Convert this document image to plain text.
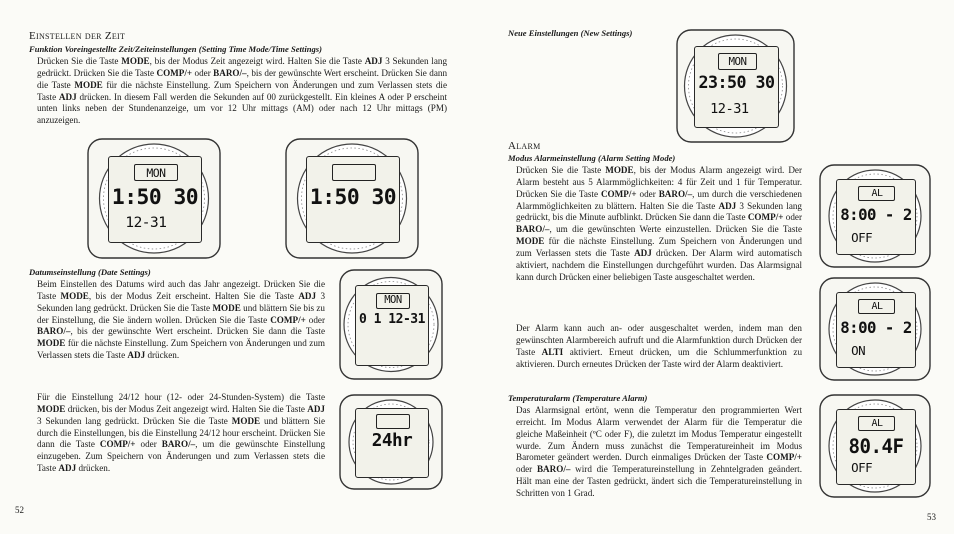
Einstellen der Zeit

Funktion Voreingestellte Zeit/Zeiteinstellungen (Setting Time Mode/Time Settings)

Drücken Sie die Taste MODE, bis der Modus Zeit angezeigt wird. Halten Sie die Taste ADJ 3 Sekunden lang gedrückt. Drücken Sie die Taste COMP/+ oder BARO/–, bis der gewünschte Wert erscheint. Drücken Sie dann die Taste MODE für die nächste Einstellung. Zum Speichern von Änderungen und zum Verlassen stets die Taste ADJ drücken. In diesem Fall werden die Sekunden auf 00 zurückgestellt. Ein kleines A oder P erscheint unten links neben der Stundenanzeige, um vor 12 Uhr mittags (AM) oder nach 12 Uhr mittags (PM) anzuzeigen.

MON
1:50 30
12-31
1:50 30

Datumseinstellung (Date Settings)

Beim Einstellen des Datums wird auch das Jahr angezeigt. Drücken Sie die Taste MODE, bis der Modus Zeit erscheint. Halten Sie die Taste ADJ 3 Sekunden lang gedrückt. Drücken Sie die Taste MODE und blättern Sie bis zu der Einstellung, die Sie ändern wollen. Drücken Sie die Taste COMP/+ oder BARO/–, bis der gewünschte Wert erscheint. Drücken Sie dann die Taste MODE für die nächste Einstellung. Zum Speichern von Änderungen und zum Verlassen stets die Taste ADJ drücken.

MON
0 1 12-31

Für die Einstellung 24/12 hour (12- oder 24-Stunden-System) die Taste MODE drücken, bis der Modus Zeit angezeigt wird. Halten Sie die Taste ADJ 3 Sekunden lang gedrückt. Drücken Sie die Taste MODE und blättern Sie durch die Einstellungen, bis die Einstellung 24/12 hour erscheint. Drücken Sie dann die Taste COMP/+ oder BARO/–, um die gewünschte Einstellung einzugeben. Zum Speichern von Änderungen und zum Verlassen stets die Taste ADJ drücken.

24hr
52

Neue Einstellungen (New Settings)

MON
23:50 30
12-31
Alarm

Modus Alarmeinstellung (Alarm Setting Mode)

Drücken Sie die Taste MODE, bis der Modus Alarm angezeigt wird. Der Alarm besteht aus 5 Alarmmöglichkeiten: 4 für Zeit und 1 für Temperatur. Drücken Sie die Taste COMP/+ oder BARO/–, um durch die verschiedenen Alarmmöglichkeiten zu blättern. Halten Sie die Taste ADJ 3 Sekunden lang gedrückt, bis die Minute aufblinkt. Drücken Sie dann die Taste COMP/+ oder BARO/–, um die gewünschten Werte einzustellen. Drücken Sie die Taste MODE für die nächste Einstellung. Zum Speichern von Änderungen und zum Verlassen stets die Taste ADJ drücken. Der Alarm wird automatisch aktiviert, nachdem die Einstellungen durchgeführt wurden. Das Alarmsignal kann durch Drücken einer beliebigen Taste ausgeschaltet werden.

Der Alarm kann auch an- oder ausgeschaltet werden, indem man den gewünschten Alarmbereich aufruft und die Alarmfunktion durch Drücken der Taste ALTI aktiviert. Erneut drücken, um die Schlummerfunktion zu aktivieren. Durch erneutes Drücken der Taste wird der Alarm deaktiviert.

Temperaturalarm (Temperature Alarm)

Das Alarmsignal ertönt, wenn die Temperatur den programmierten Wert erreicht. Im Modus Alarm verwendet der Alarm für die Temperatur die gleiche Maßeinheit (ºC oder F), die zuletzt im Modus Temperatur eingestellt wurde. Zum Ändern muss zunächst die Temperatureinheit im Modus Barometer geändert werden. Durch einmaliges Drücken der Taste COMP/+ oder BARO/– wird die Temperatureinstellung in Zehntelgraden geändert. Hält man eine der Tasten gedrückt, ändert sich die Temperatureinstellung in Schritten von 1 Grad.

AL
8:00 - 2
OFF
AL
8:00 - 2
ON
AL
80.4F
OFF
53
